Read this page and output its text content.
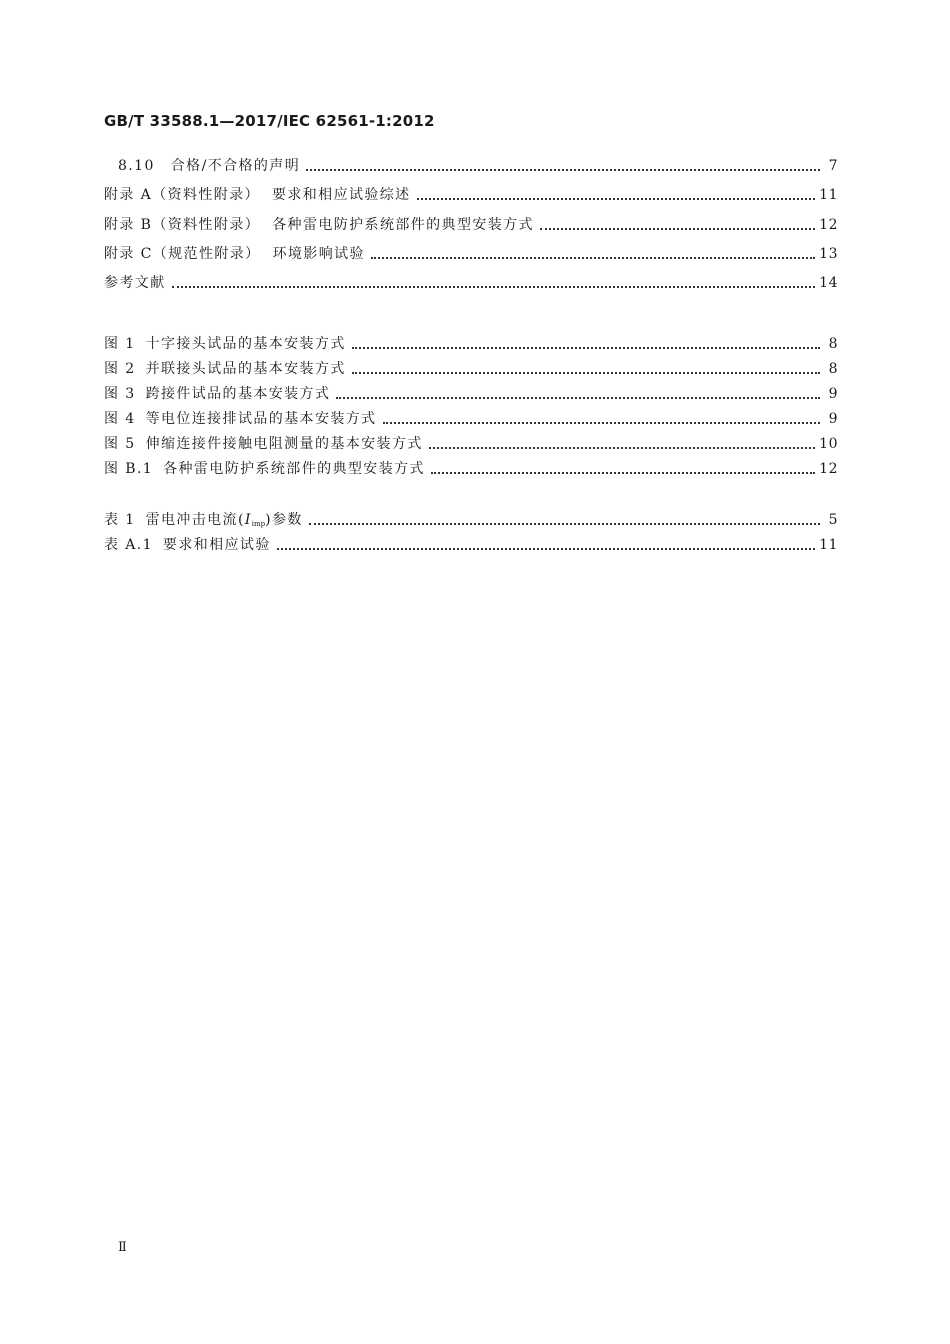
GB/T 33588.1—2017/IEC 62561-1:2012
8.10 合格/不合格的声明	7
附录 A（资料性附录） 要求和相应试验综述	11
附录 B（资料性附录） 各种雷电防护系统部件的典型安装方式	12
附录 C（规范性附录） 环境影响试验	13
参考文献	14
图 1 十字接头试品的基本安装方式	8
图 2 并联接头试品的基本安装方式	8
图 3 跨接件试品的基本安装方式	9
图 4 等电位连接排试品的基本安装方式	9
图 5 伸缩连接件接触电阻测量的基本安装方式	10
图 B.1 各种雷电防护系统部件的典型安装方式	12
表 1 雷电冲击电流$(I_{imp})$参数	5
表 A.1 要求和相应试验	11
Ⅱ
